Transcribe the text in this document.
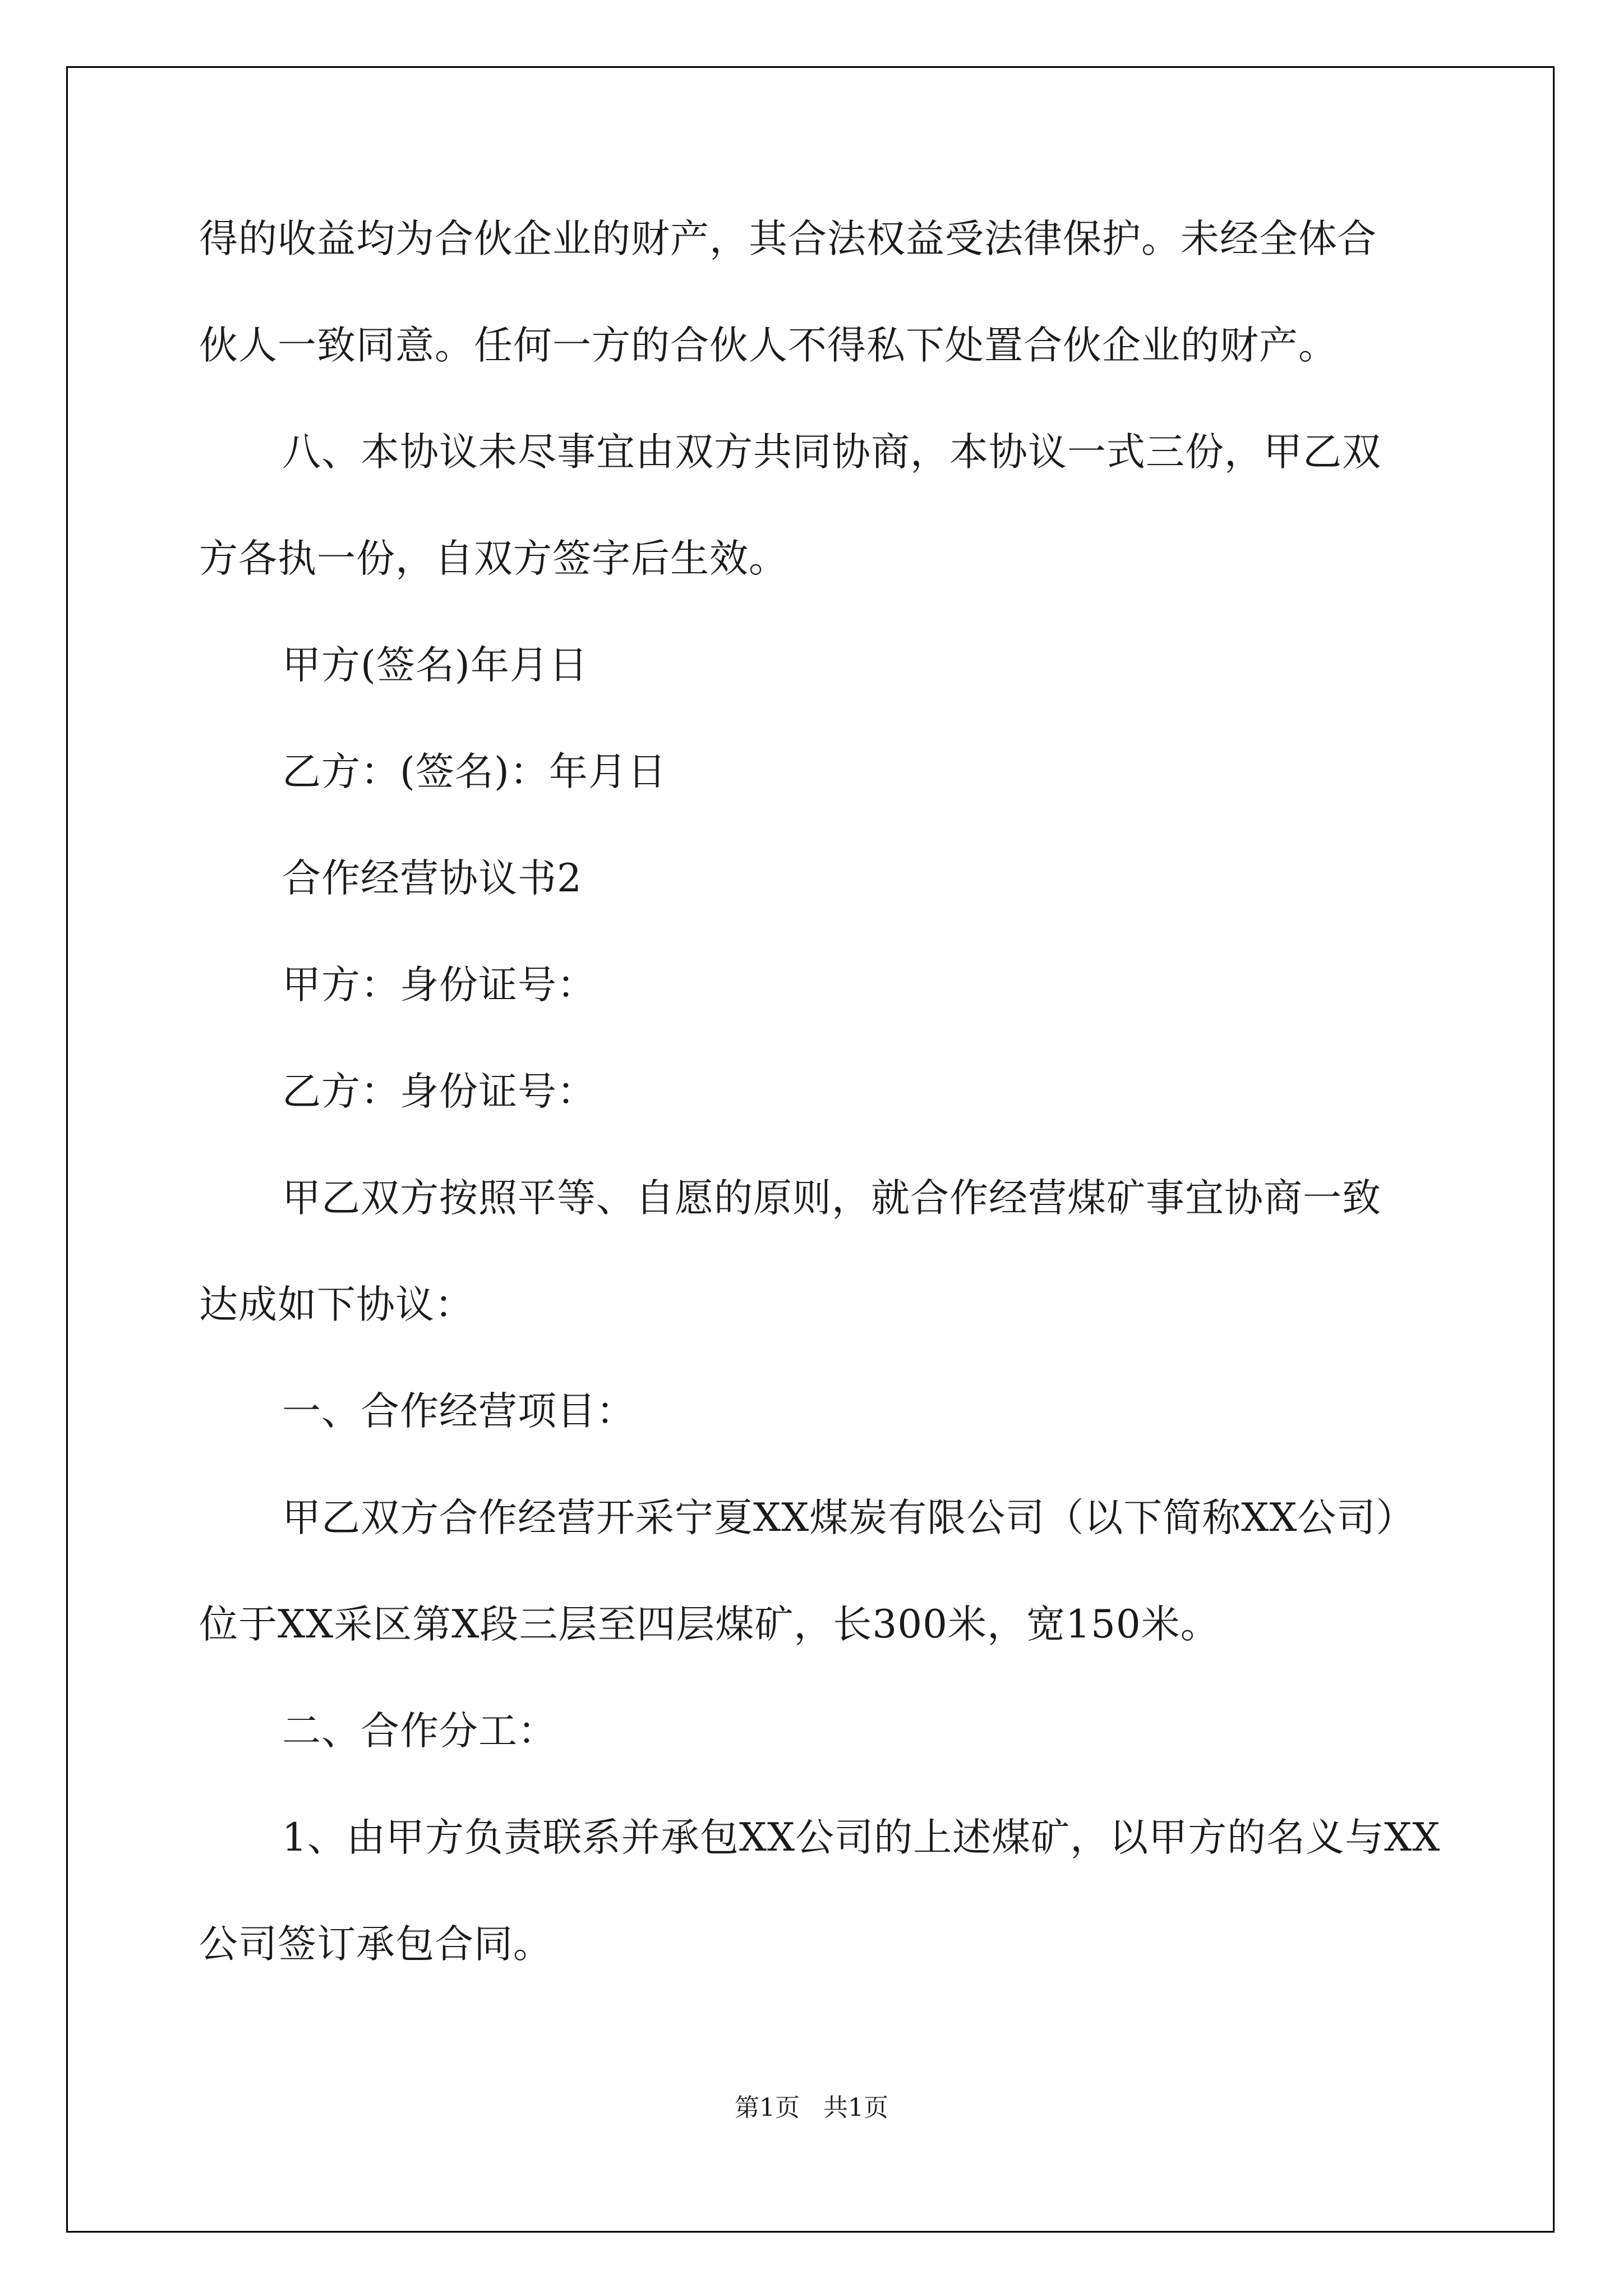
得的收益均为合伙企业的财产，其合法权益受法律保护。未经全体合
伙人一致同意。任何一方的合伙人不得私下处置合伙企业的财产。
八、本协议未尽事宜由双方共同协商，本协议一式三份，甲乙双
方各执一份，自双方签字后生效。
甲方(签名)年月日
乙方：(签名)：年月日
合作经营协议书2
甲方：身份证号：
乙方：身份证号：
甲乙双方按照平等、自愿的原则，就合作经营煤矿事宜协商一致
达成如下协议：
一、合作经营项目：
甲乙双方合作经营开采宁夏XX煤炭有限公司（以下简称XX公司）
位于XX采区第X段三层至四层煤矿，长300米，宽150米。
二、合作分工：
1、由甲方负责联系并承包XX公司的上述煤矿，以甲方的名义与XX
公司签订承包合同。
第1页   共1页
